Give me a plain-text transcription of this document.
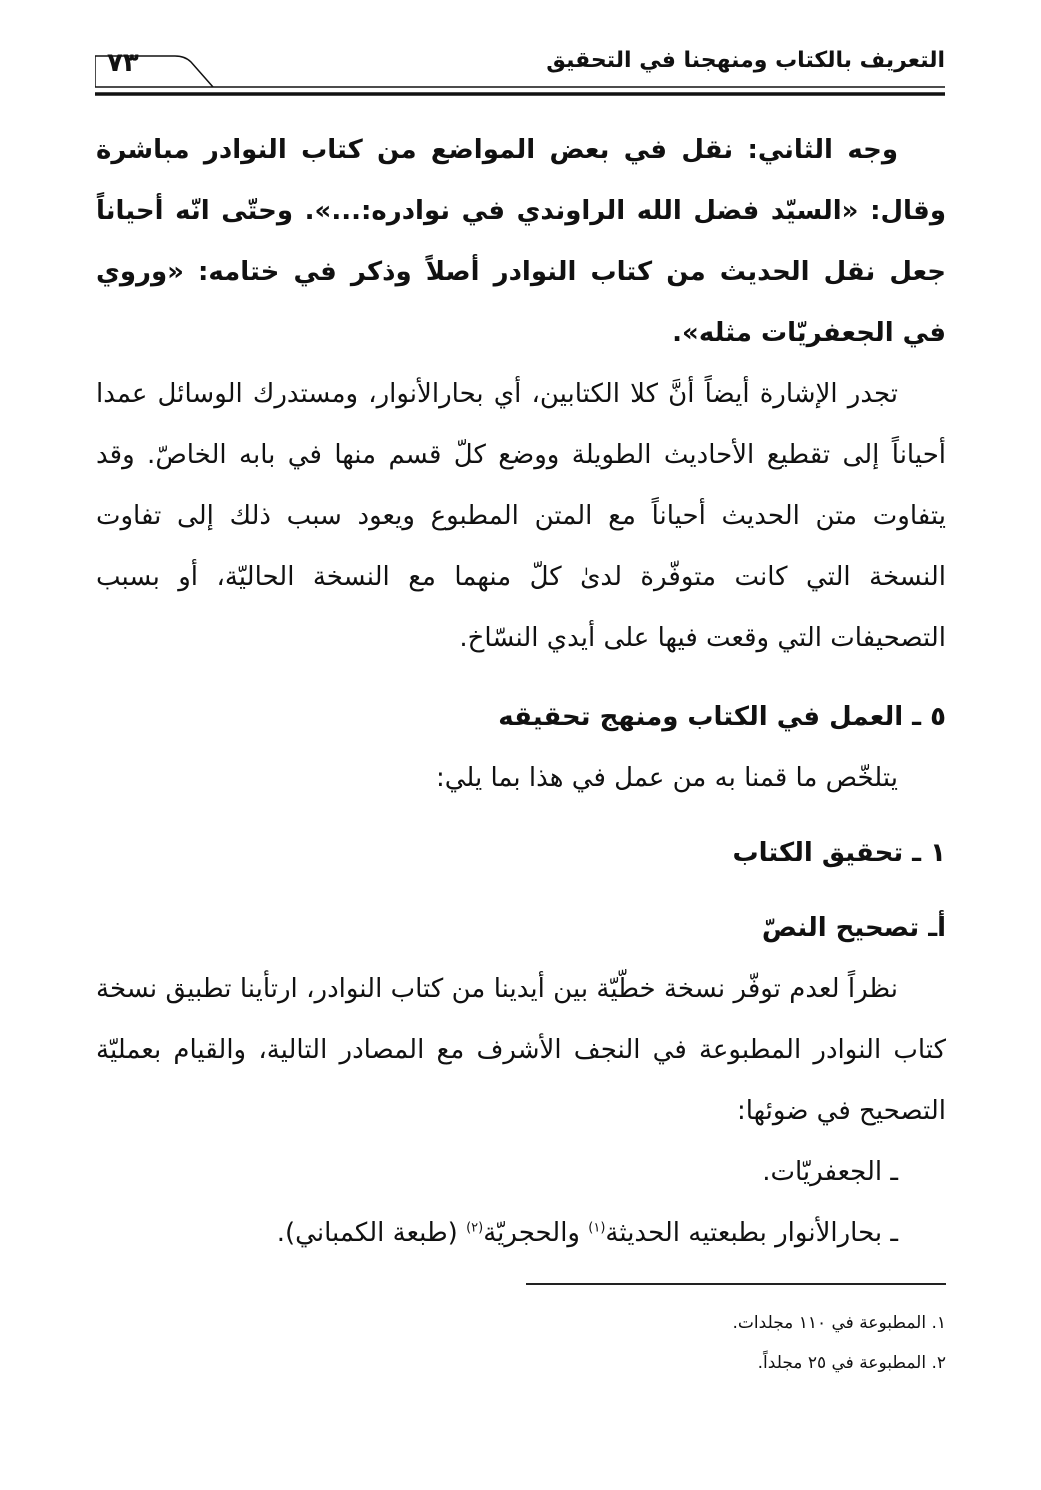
التعريف بالكتاب ومنهجنا في التحقيق
٧٣

وجه الثاني: نقل في بعض المواضع من كتاب النوادر مباشرة وقال: «السيّد فضل الله الراوندي في نوادره:...». وحتّى انّه أحياناً جعل نقل الحديث من كتاب النوادر أصلاً وذكر في ختامه: «وروي في الجعفريّات مثله».

تجدر الإشارة أيضاً أنَّ كلا الكتابين، أي بحارالأنوار، ومستدرك الوسائل عمدا أحياناً إلى تقطيع الأحاديث الطويلة ووضع كلّ قسم منها في بابه الخاصّ. وقد يتفاوت متن الحديث أحياناً مع المتن المطبوع ويعود سبب ذلك إلى تفاوت النسخة التي كانت متوفّرة لدىٰ كلّ منهما مع النسخة الحاليّة، أو بسبب التصحيفات التي وقعت فيها على أيدي النسّاخ.

٥ ـ العمل في الكتاب ومنهج تحقيقه

يتلخّص ما قمنا به من عمل في هذا بما يلي:

١ ـ تحقيق الكتاب
أـ تصحيح النصّ

نظراً لعدم توفّر نسخة خطّيّة بين أيدينا من كتاب النوادر، ارتأينا تطبيق نسخة كتاب النوادر المطبوعة في النجف الأشرف مع المصادر التالية، والقيام بعمليّة التصحيح في ضوئها:

ـ الجعفريّات.

ـ بحارالأنوار بطبعتيه الحديثة$^{(١)}$ والحجريّة$^{(٢)}$ (طبعة الكمباني).

١. المطبوعة في ١١٠ مجلدات.

٢. المطبوعة في ٢٥ مجلداً.
